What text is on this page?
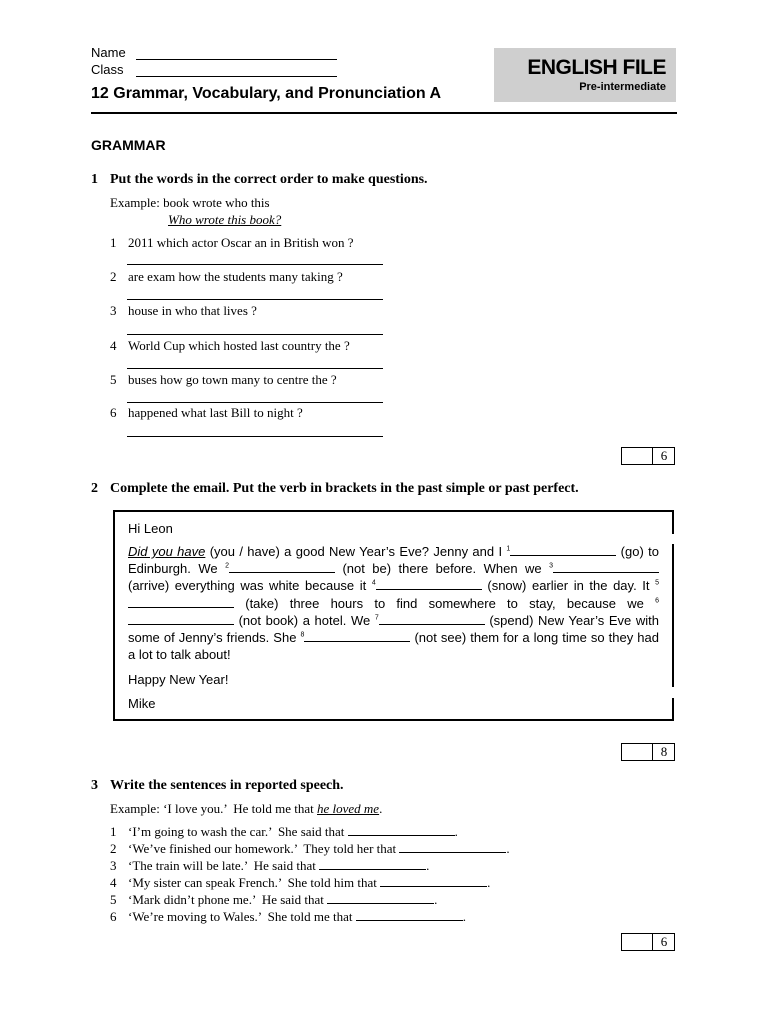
Name
Class	ENGLISH FILE
Pre-intermediate
12 Grammar, Vocabulary, and Pronunciation A
GRAMMAR
1 Put the words in the correct order to make questions.
Example: book wrote who this
Who wrote this book?
1 2011 which actor Oscar an in British won ?
2 are exam how the students many taking ?
3 house in who that lives ?
4 World Cup which hosted last country the ?
5 buses how go town many to centre the ?
6 happened what last Bill to night ?
6
2 Complete the email. Put the verb in brackets in the past simple or past perfect.
Hi Leon
Did you have (you / have) a good New Year’s Eve? Jenny and I $^1$	(go) to Edinburgh. We $^2$	(not be) there before. When we $^3$ (arrive) everything was white because it $^4$	(snow) earlier in the day. It $^5$ (take) three hours to find somewhere to stay, because we $^6$ (not book) a hotel. We $^7$	(spend) New Year’s Eve with some of Jenny’s friends. She $^8$	(not see) them for a long time so they had a lot to talk about!
Happy New Year!
Mike
8
3 Write the sentences in reported speech.
Example: ‘I love you.’  He told me that he loved me.
1 ‘I’m going to wash the car.’  She said that	.
2 ‘We’ve finished our homework.’  They told her that	.
3 ‘The train will be late.’  He said that	.
4 ‘My sister can speak French.’  She told him that	.
5 ‘Mark didn’t phone me.’  He said that	.
6 ‘We’re moving to Wales.’  She told me that	.
6
